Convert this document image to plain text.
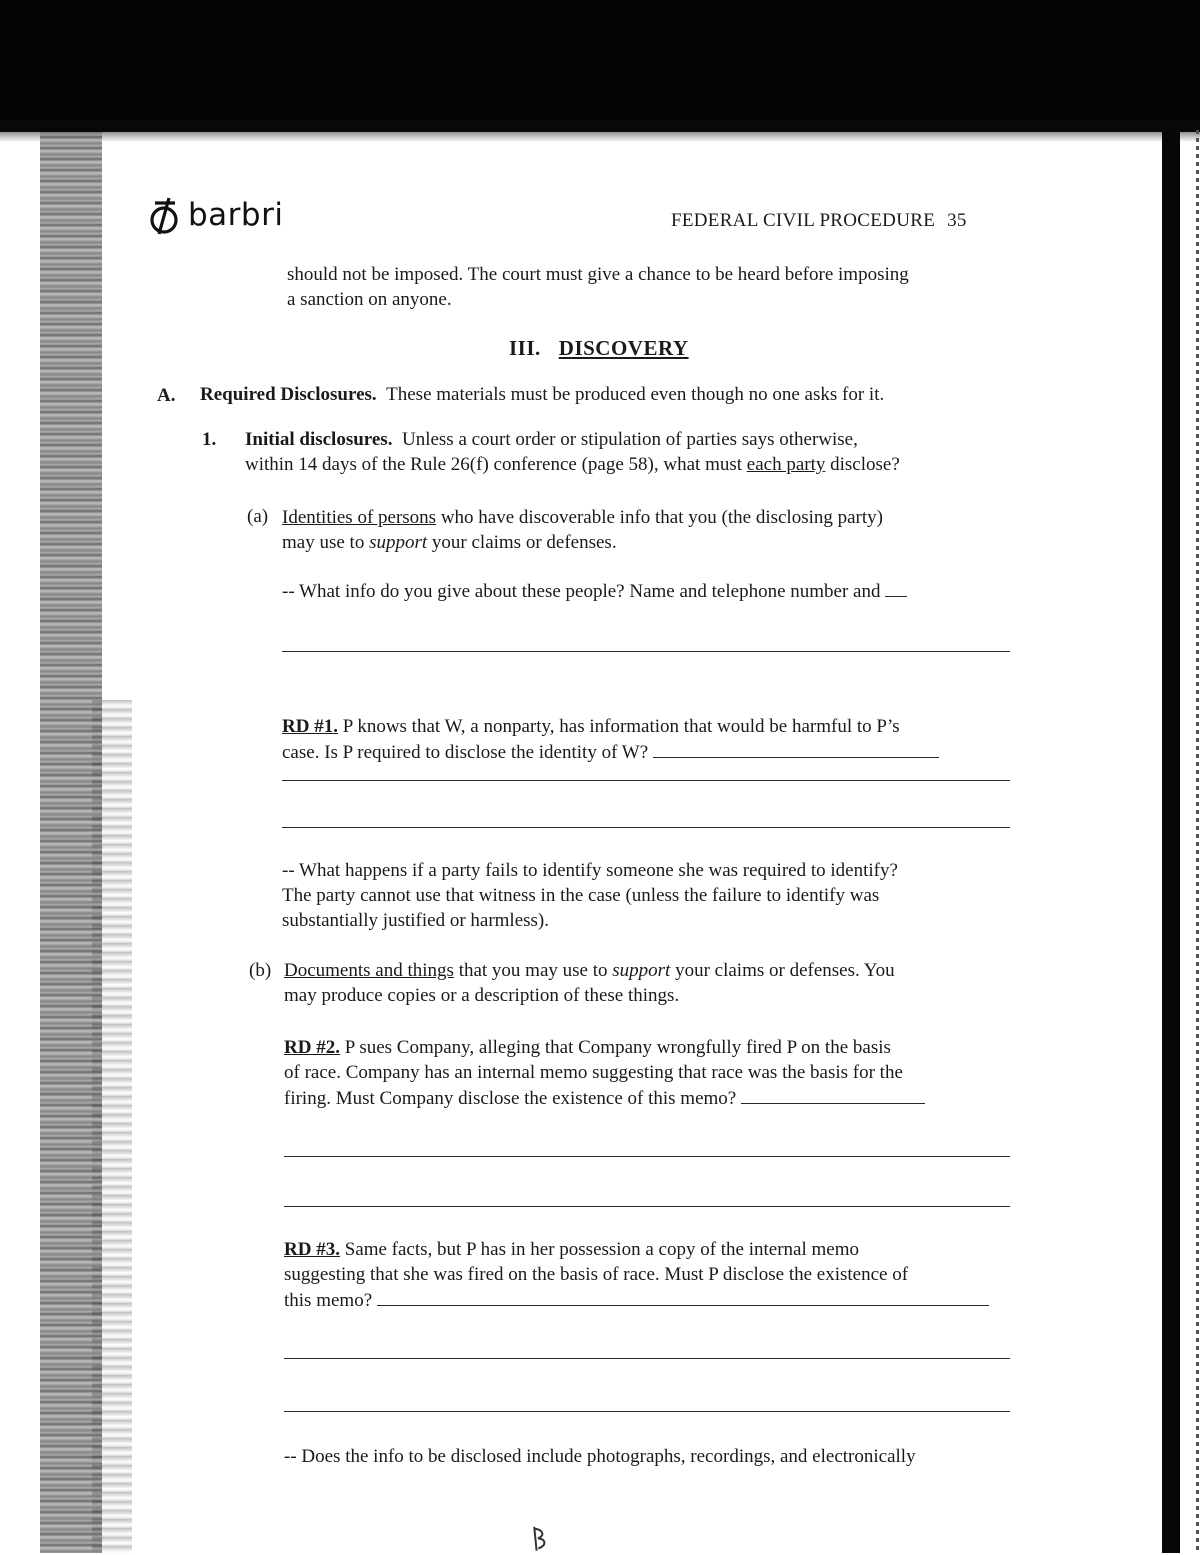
barbri	FEDERAL CIVIL PROCEDURE 35
should not be imposed. The court must give a chance to be heard before imposing
a sanction on anyone.
III. DISCOVERY
A. Required Disclosures. These materials must be produced even though no one asks for it.
1. Initial disclosures. Unless a court order or stipulation of parties says otherwise,
within 14 days of the Rule 26(f) conference (page 58), what must each party disclose?
(a) Identities of persons who have discoverable info that you (the disclosing party)
may use to support your claims or defenses.
-- What info do you give about these people? Name and telephone number and
RD #1. P knows that W, a nonparty, has information that would be harmful to P’s
case. Is P required to disclose the identity of W?
-- What happens if a party fails to identify someone she was required to identify?
The party cannot use that witness in the case (unless the failure to identify was
substantially justified or harmless).
(b) Documents and things that you may use to support your claims or defenses. You
may produce copies or a description of these things.
RD #2. P sues Company, alleging that Company wrongfully fired P on the basis
of race. Company has an internal memo suggesting that race was the basis for the
firing. Must Company disclose the existence of this memo?
RD #3. Same facts, but P has in her possession a copy of the internal memo
suggesting that she was fired on the basis of race. Must P disclose the existence of
this memo?
-- Does the info to be disclosed include photographs, recordings, and electronically
